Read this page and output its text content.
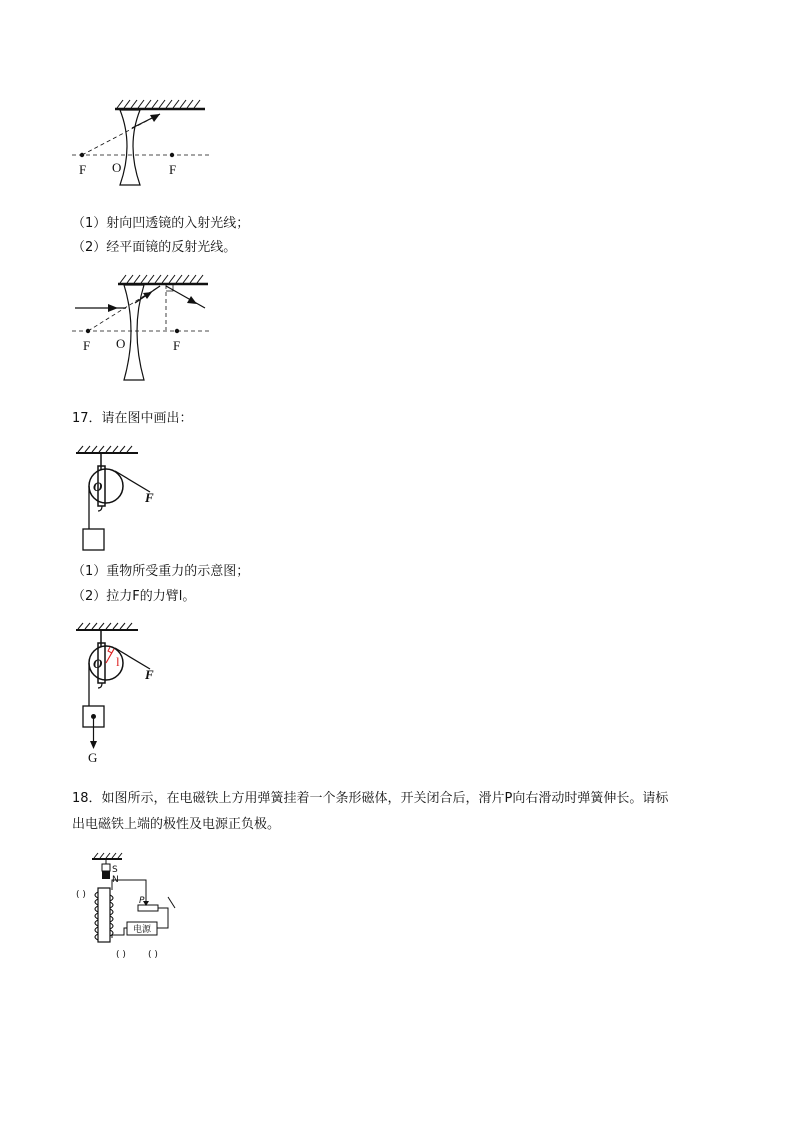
F O	F
（1）射向凹透镜的入射光线；
（2）经平面镜的反射光线。
F O	F
17．请在图中画出：
O
F
（1）重物所受重力的示意图；
（2）拉力F的力臂l。
l
O
F
G
18．如图所示，在电磁铁上方用弹簧挂着一个条形磁体，开关闭合后，滑片P向右滑动时弹簧伸长。请标
出电磁铁上端的极性及电源正负极。
S
N
( )
P
电源
( ) ( )
